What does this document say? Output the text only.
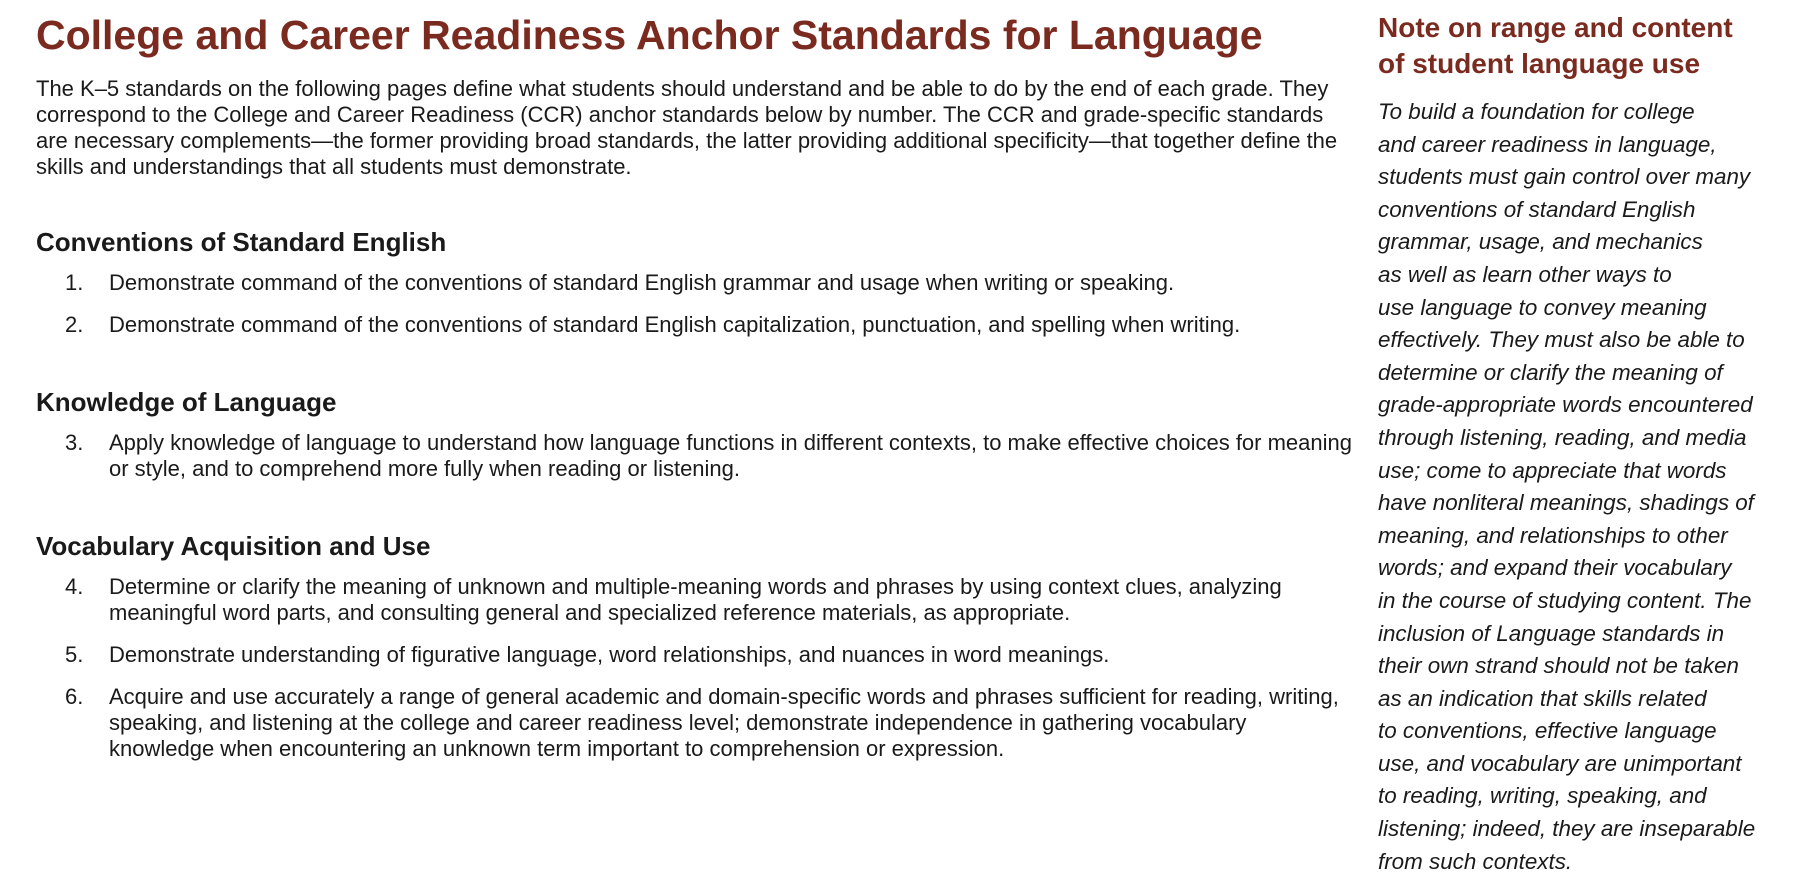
College and Career Readiness Anchor Standards for Language

The K–5 standards on the following pages define what students should understand and be able to do by the end of each grade. They correspond to the College and Career Readiness (CCR) anchor standards below by number. The CCR and grade-specific standards are necessary complements—the former providing broad standards, the latter providing additional specificity—that together define the skills and understandings that all students must demonstrate.

Conventions of Standard English
1.	Demonstrate command of the conventions of standard English grammar and usage when writing or speaking.
2.	Demonstrate command of the conventions of standard English capitalization, punctuation, and spelling when writing.
Knowledge of Language
3.	Apply knowledge of language to understand how language functions in different contexts, to make effective choices for meaning or style, and to comprehend more fully when reading or listening.
Vocabulary Acquisition and Use
4.	Determine or clarify the meaning of unknown and multiple-meaning words and phrases by using context clues, analyzing meaningful word parts, and consulting general and specialized reference materials, as appropriate.
5.	Demonstrate understanding of figurative language, word relationships, and nuances in word meanings.
6.	Acquire and use accurately a range of general academic and domain-specific words and phrases sufficient for reading, writing, speaking, and listening at the college and career readiness level; demonstrate independence in gathering vocabulary knowledge when encountering an unknown term important to comprehension or expression.
Note on range and content
of student language use

To build a foundation for college
and career readiness in language,
students must gain control over many
conventions of standard English
grammar, usage, and mechanics
as well as learn other ways to
use language to convey meaning
effectively. They must also be able to
determine or clarify the meaning of
grade-appropriate words encountered
through listening, reading, and media
use; come to appreciate that words
have nonliteral meanings, shadings of
meaning, and relationships to other
words; and expand their vocabulary
in the course of studying content. The
inclusion of Language standards in
their own strand should not be taken
as an indication that skills related
to conventions, effective language
use, and vocabulary are unimportant
to reading, writing, speaking, and
listening; indeed, they are inseparable
from such contexts.
